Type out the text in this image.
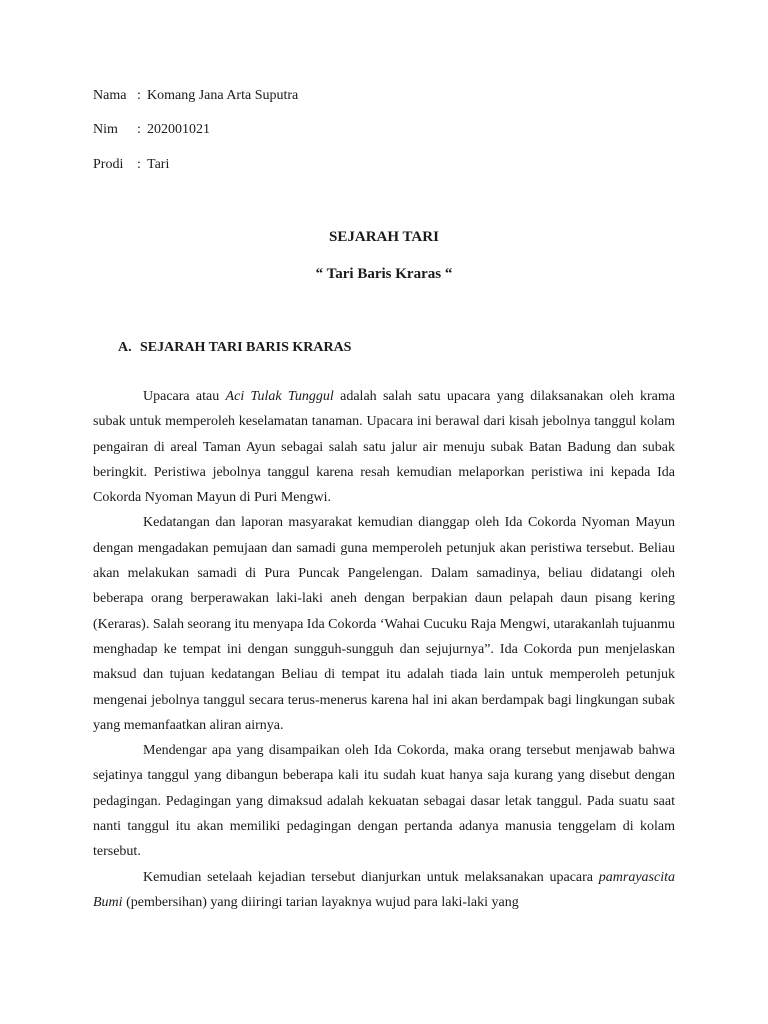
Nama : Komang Jana Arta Suputra
Nim : 202001021
Prodi : Tari
SEJARAH TARI
“ Tari Baris Kraras “
A. SEJARAH TARI BARIS KRARAS

Upacara atau Aci Tulak Tunggul adalah salah satu upacara yang dilaksanakan oleh krama subak untuk memperoleh keselamatan tanaman. Upacara ini berawal dari kisah jebolnya tanggul kolam pengairan di areal Taman Ayun sebagai salah satu jalur air menuju subak Batan Badung dan subak beringkit. Peristiwa jebolnya tanggul karena resah kemudian melaporkan peristiwa ini kepada Ida Cokorda Nyoman Mayun di Puri Mengwi.

Kedatangan dan laporan masyarakat kemudian dianggap oleh Ida Cokorda Nyoman Mayun dengan mengadakan pemujaan dan samadi guna memperoleh petunjuk akan peristiwa tersebut. Beliau akan melakukan samadi di Pura Puncak Pangelengan. Dalam samadinya, beliau didatangi oleh beberapa orang berperawakan laki-laki aneh dengan berpakian daun pelapah daun pisang kering (Keraras). Salah seorang itu menyapa Ida Cokorda ‘Wahai Cucuku Raja Mengwi, utarakanlah tujuanmu menghadap ke tempat ini dengan sungguh-sungguh dan sejujurnya”. Ida Cokorda pun menjelaskan maksud dan tujuan kedatangan Beliau di tempat itu adalah tiada lain untuk memperoleh petunjuk mengenai jebolnya tanggul secara terus-menerus karena hal ini akan berdampak bagi lingkungan subak yang memanfaatkan aliran airnya.

Mendengar apa yang disampaikan oleh Ida Cokorda, maka orang tersebut menjawab bahwa sejatinya tanggul yang dibangun beberapa kali itu sudah kuat hanya saja kurang yang disebut dengan pedagingan. Pedagingan yang dimaksud adalah kekuatan sebagai dasar letak tanggul. Pada suatu saat nanti tanggul itu akan memiliki pedagingan dengan pertanda adanya manusia tenggelam di kolam tersebut.

Kemudian setelaah kejadian tersebut dianjurkan untuk melaksanakan upacara pamrayascita Bumi (pembersihan) yang diiringi tarian layaknya wujud para laki-laki yang
